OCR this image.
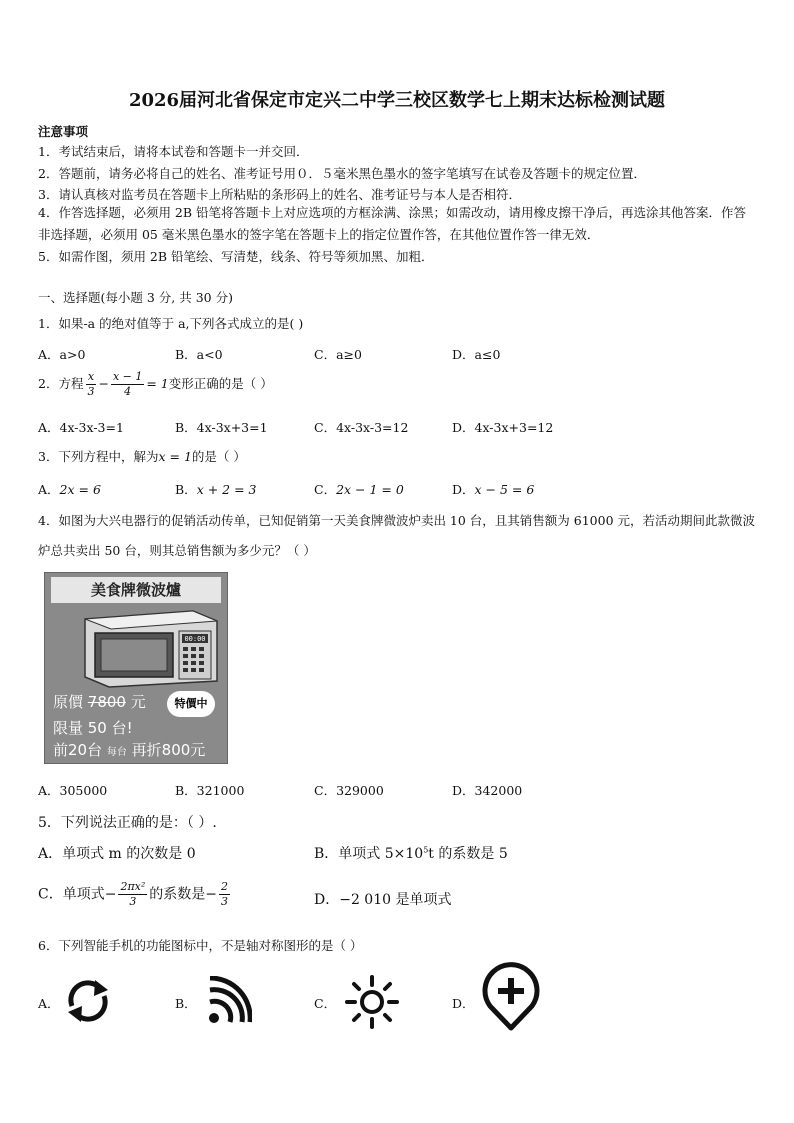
2026届河北省保定市定兴二中学三校区数学七上期末达标检测试题
注意事项
1．考试结束后，请将本试卷和答题卡一并交回．
2．答题前，请务必将自己的姓名、准考证号用０．５毫米黑色墨水的签字笔填写在试卷及答题卡的规定位置．
3．请认真核对监考员在答题卡上所粘贴的条形码上的姓名、准考证号与本人是否相符．
4．作答选择题，必须用 2B 铅笔将答题卡上对应选项的方框涂满、涂黑；如需改动，请用橡皮擦干净后，再选涂其他答案．作答非选择题，必须用 05 毫米黑色墨水的签字笔在答题卡上的指定位置作答，在其他位置作答一律无效．
5．如需作图，须用 2B 铅笔绘、写清楚，线条、符号等须加黑、加粗．
一、选择题(每小题 3 分, 共 30 分)
1．如果-a 的绝对值等于 a,下列各式成立的是( )
A．a>0	B．a<0	C．a≥0	D．a≤0
2．方程 $\frac{x}{3} - \frac{x - 1}{4} = 1$变形正确的是（ ）
A．4x-3x-3=1	B．4x-3x+3=1	C．4x-3x-3=12	D．4x-3x+3=12
3．下列方程中，解为x = 1的是（ ）
A．2x = 6	B．x + 2 = 3	C．2x − 1 = 0	D．x − 5 = 6
4．如图为大兴电器行的促销活动传单，已知促销第一天美食牌微波炉卖出 10 台，且其销售额为 61000 元，若活动期间此款微波炉总共卖出 50 台，则其总销售额为多少元？（ ）
美食牌微波爐
00:00
原價 7800 元	特價中
限量 50 台!
前20台 每台 再折800元
A．305000	B．321000	C．329000	D．342000
5．下列说法正确的是：（ ）.
A．单项式 m 的次数是 0	B．单项式 $5\times 10^5t$ 的系数是 5
C．单项式− $\frac{\text{2πx²}}{3}$ 的系数是− $\frac{2}{3}$	D．−2 010 是单项式
6．下列智能手机的功能图标中，不是轴对称图形的是（ ）
A．	B．	C．	D．
